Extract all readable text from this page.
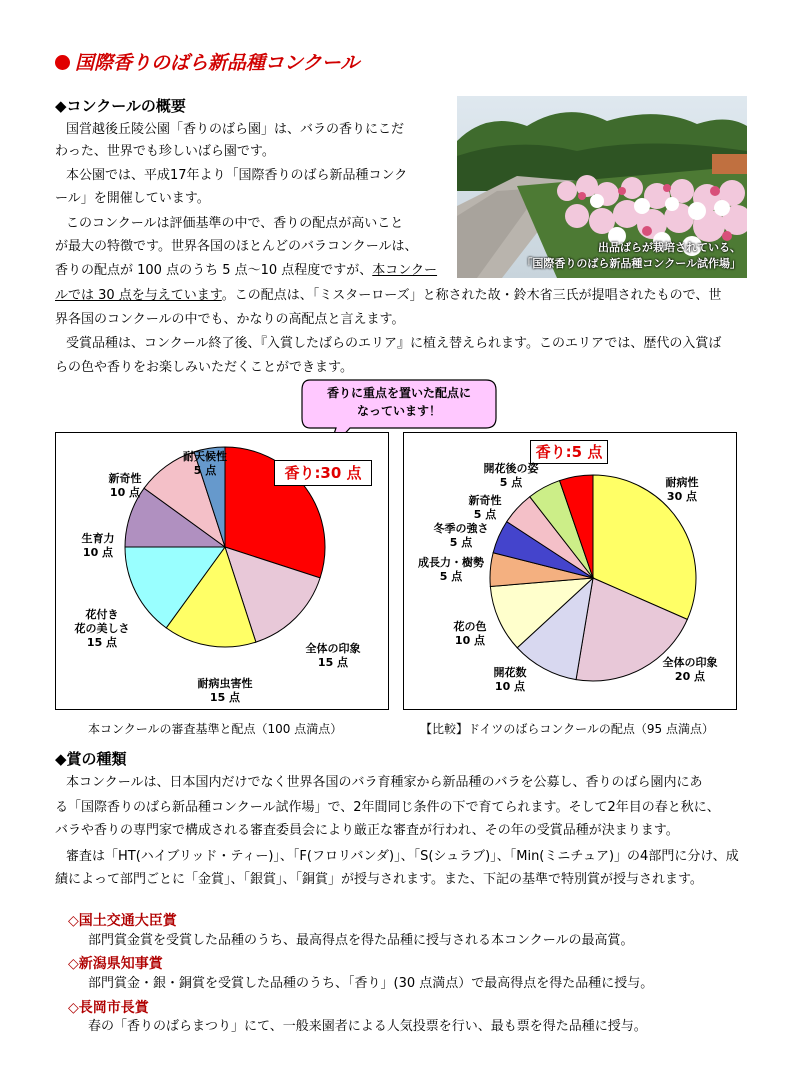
国際香りのばら新品種コンクール
◆コンクールの概要
国営越後丘陵公園「香りのばら園」は、バラの香りにこだ
わった、世界でも珍しいばら園です。
本公園では、平成17年より「国際香りのばら新品種コンク
ール」を開催しています。
このコンクールは評価基準の中で、香りの配点が高いこと
が最大の特徴です。世界各国のほとんどのバラコンクールは、
香りの配点が 100 点のうち 5 点～10 点程度ですが、本コンクー
ルでは 30 点を与えています。この配点は、「ミスターローズ」と称された故・鈴木省三氏が提唱されたもので、世
界各国のコンクールの中でも、かなりの高配点と言えます。
受賞品種は、コンクール終了後、『入賞したばらのエリア』に植え替えられます。このエリアでは、歴代の入賞ば
らの色や香りをお楽しみいただくことができます。
出品ばらが栽培されている、
「国際香りのばら新品種コンクール試作場」
香りに重点を置いた配点に
なっています！
香り:30 点
耐天候性
5 点
新奇性
10 点
生育力
10 点
花付き
花の美しさ
15 点
耐病虫害性
15 点
全体の印象
15 点
本コンクールの審査基準と配点（100 点満点）
香り:5 点
開花後の姿
5 点
新奇性
5 点
冬季の強さ
5 点
成長力・樹勢
5 点
花の色
10 点
開花数
10 点
耐病性
30 点
全体の印象
20 点
【比較】ドイツのばらコンクールの配点（95 点満点）
◆賞の種類
本コンクールは、日本国内だけでなく世界各国のバラ育種家から新品種のバラを公募し、香りのばら園内にあ
る「国際香りのばら新品種コンクール試作場」で、2年間同じ条件の下で育てられます。そして2年目の春と秋に、
バラや香りの専門家で構成される審査委員会により厳正な審査が行われ、その年の受賞品種が決まります。
審査は「HT(ハイブリッド・ティー)」、「F(フロリバンダ)」、「S(シュラブ)」、「Min(ミニチュア)」の4部門に分け、成
績によって部門ごとに「金賞」、「銀賞」、「銅賞」が授与されます。また、下記の基準で特別賞が授与されます。
◇国土交通大臣賞
部門賞金賞を受賞した品種のうち、最高得点を得た品種に授与される本コンクールの最高賞。
◇新潟県知事賞
部門賞金・銀・銅賞を受賞した品種のうち、「香り」(30 点満点）で最高得点を得た品種に授与。
◇長岡市長賞
春の「香りのばらまつり」にて、一般来園者による人気投票を行い、最も票を得た品種に授与。
